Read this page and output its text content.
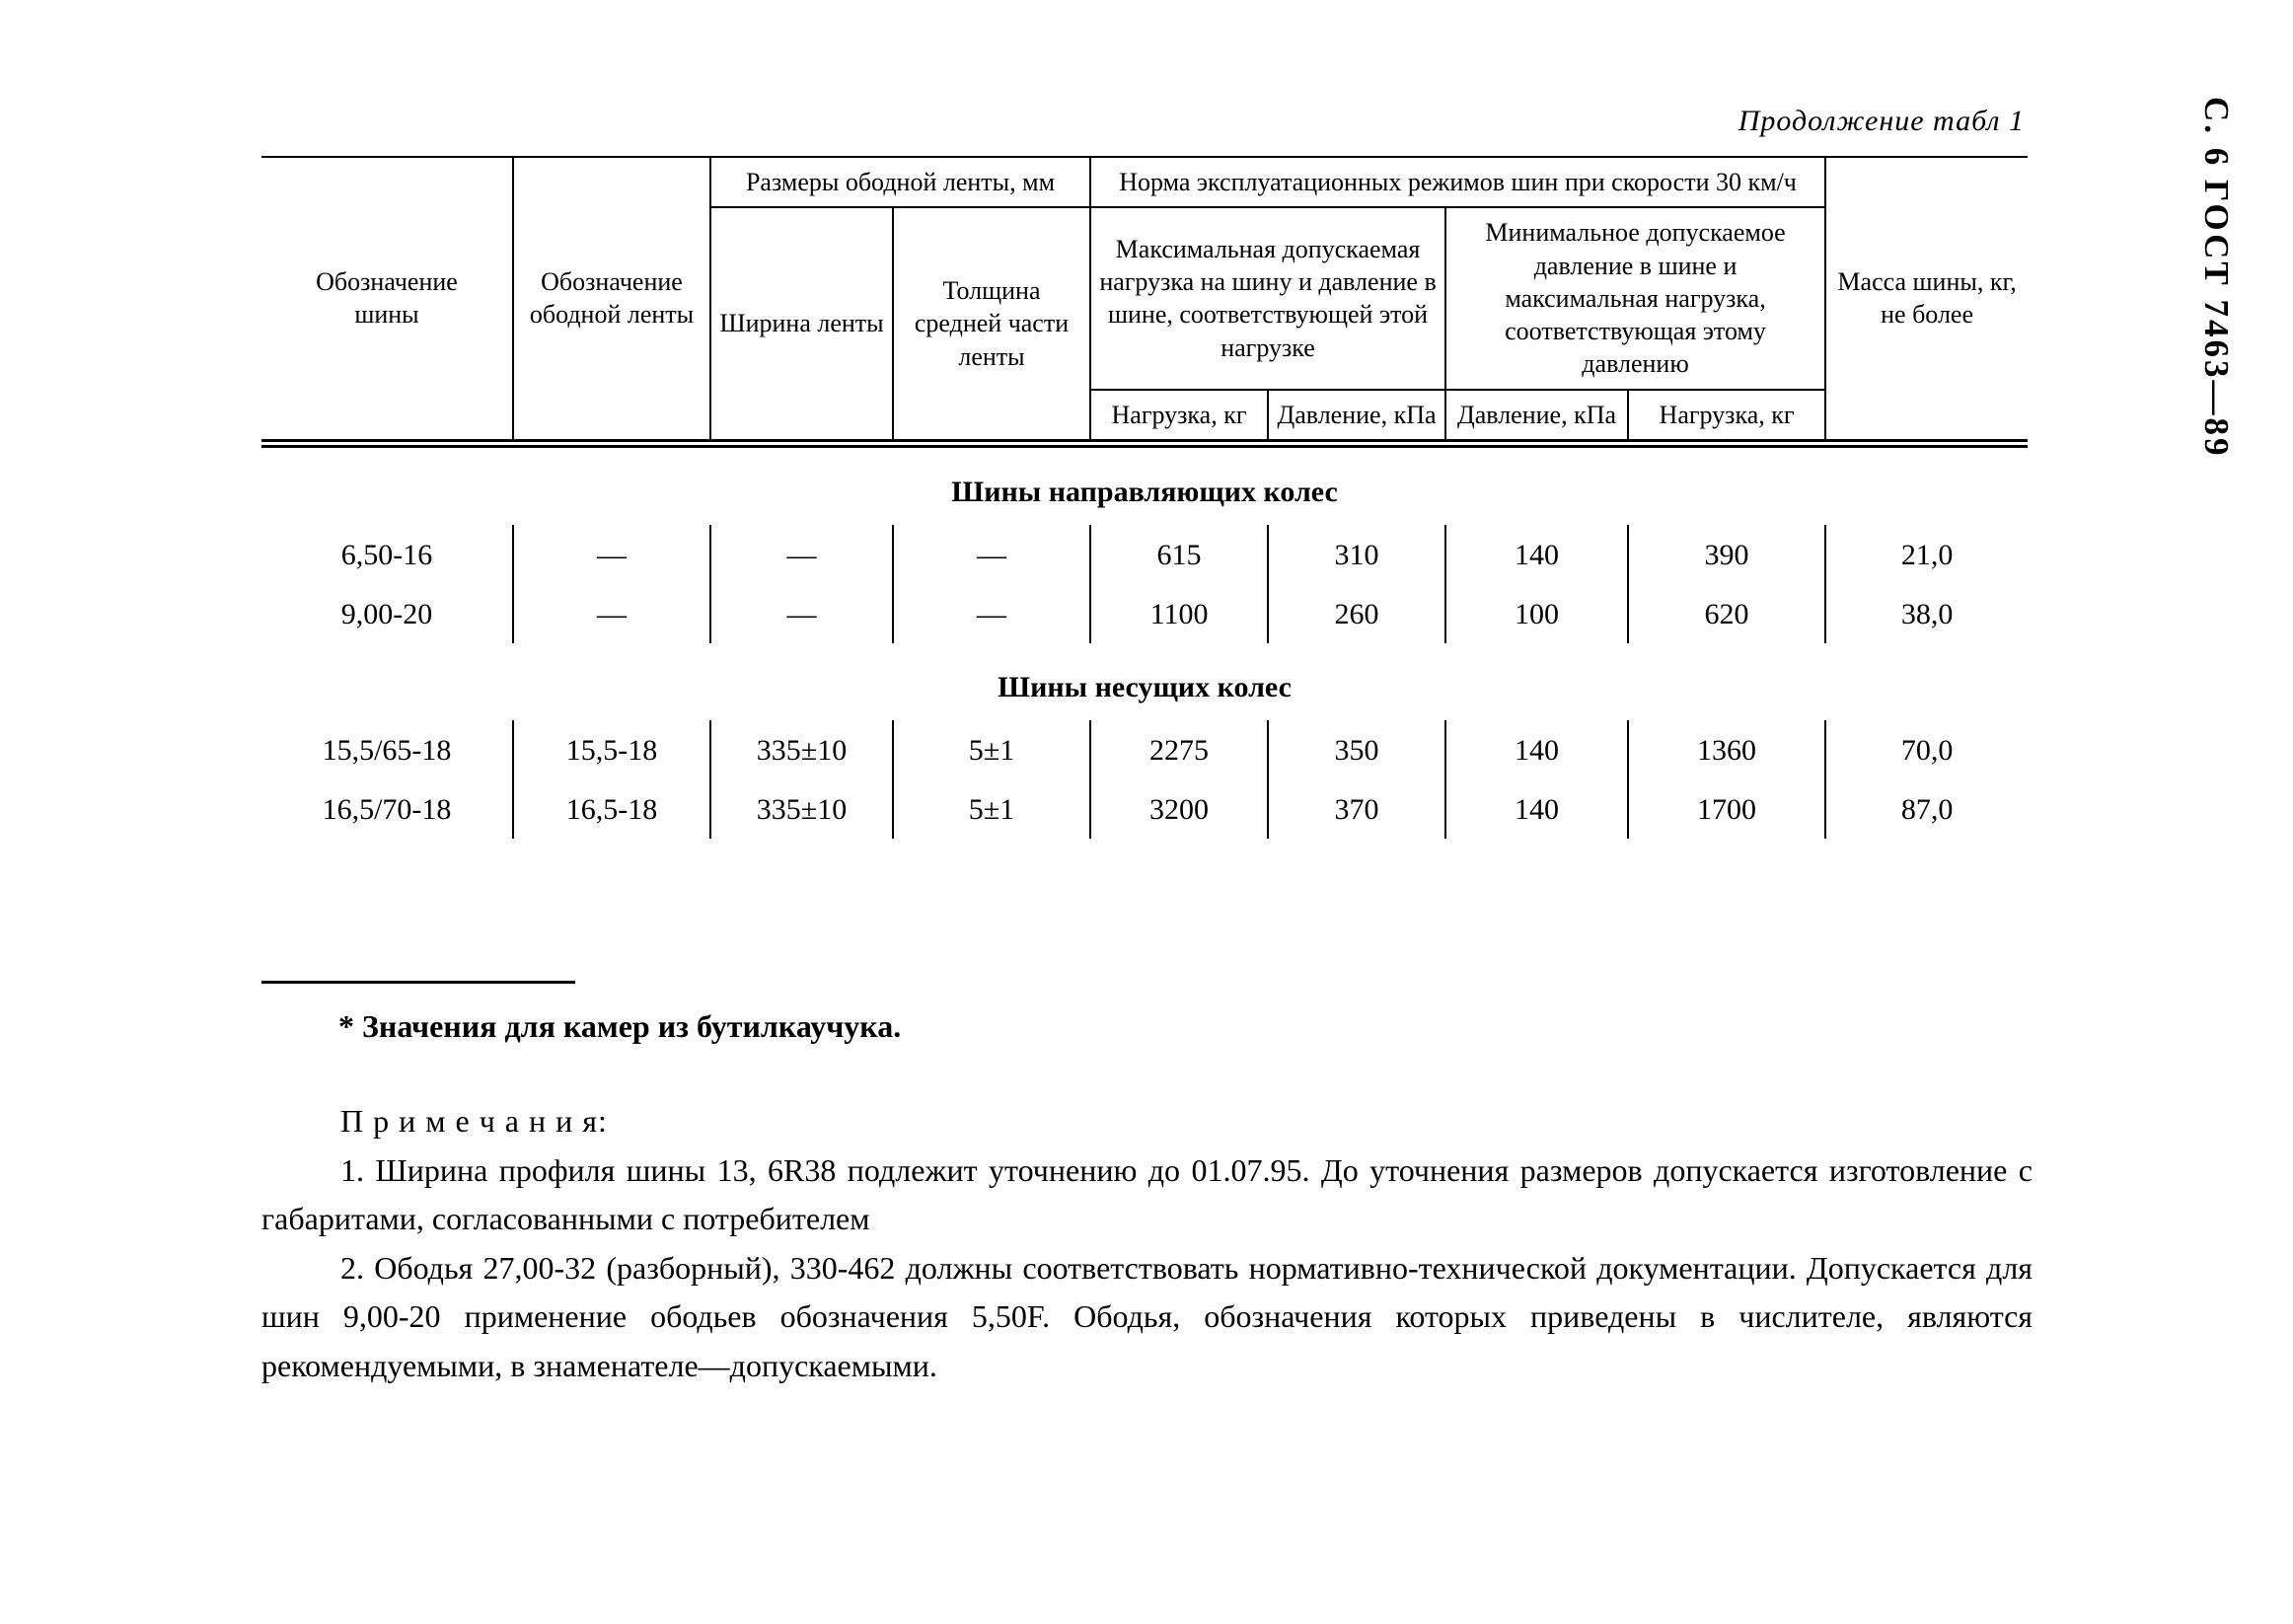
Продолжение табл 1	С. 6 ГОСТ 7463—89
Обозначение шины	Обозначение ободной ленты	Размеры ободной ленты, мм		Норма эксплуатационных режимов шин при скорости 30 км/ч				Масса шины, кг, не более
		Ширина ленты	Толщина средней части ленты	Максимальная допускаемая нагрузка на шину и давление в шине, соответствующей этой нагрузке		Минимальное допускаемое давление в шине и максимальная нагрузка, соответствующая этому давлению		
				Нагрузка, кг	Давление, кПа	Давление, кПа	Нагрузка, кг	
Шины направляющих колес								
6,50-16	—	—	—	615	310	140	390	21,0
9,00-20	—	—	—	1100	260	100	620	38,0
Шины несущих колес								
15,5/65-18	15,5-18	335±10	5±1	2275	350	140	1360	70,0
16,5/70-18	16,5-18	335±10	5±1	3200	370	140	1700	87,0
* Значения для камер из бутилкаучука.

П р и м е ч а н и я:

1. Ширина профиля шины 13, 6R38 подлежит уточнению до 01.07.95. До уточнения размеров допускается изготовление с габаритами, согласованными с потребителем

2. Ободья 27,00-32 (разборный), 330-462 должны соответствовать нормативно-технической документации. Допускается для шин 9,00-20 применение ободьев обозначения 5,50F. Ободья, обозначения которых приведены в числителе, являются рекомендуемыми, в знаменателе—допускаемыми.
